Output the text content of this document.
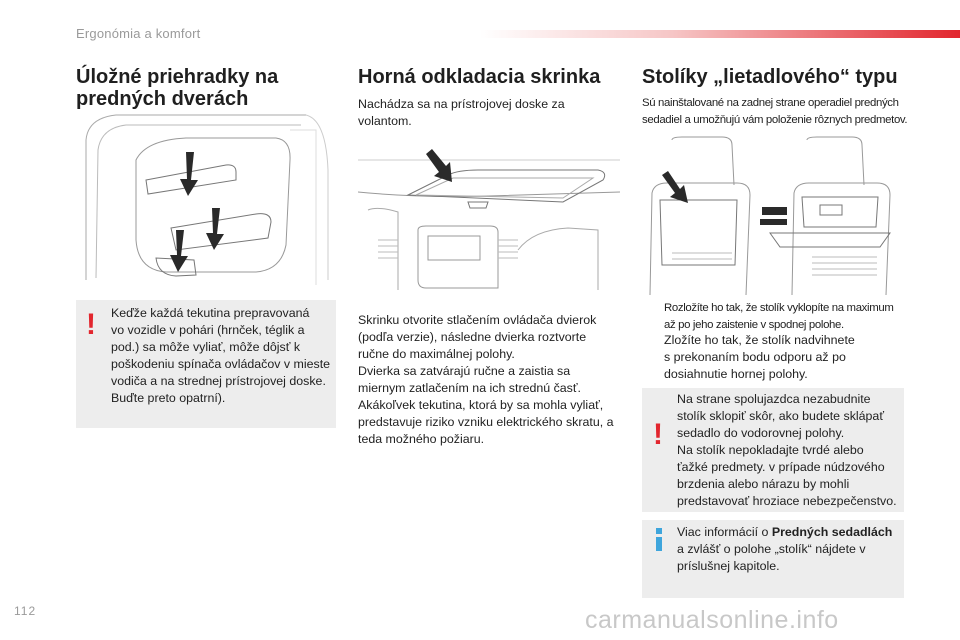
Ergonómia a komfort
Úložné priehradky na
predných dverách
! Keďže každá tekutina prepravovaná
vo vozidle v pohári (hrnček, téglik a
pod.) sa môže vyliať, môže dôjsť k
poškodeniu spínača ovládačov v mieste
vodiča a na strednej prístrojovej doske.
Buďte preto opatrní).
Horná odkladacia skrinka
Nachádza sa na prístrojovej doske za
volantom.
Skrinku otvorite stlačením ovládača dvierok
(podľa verzie), následne dvierka roztvorte
ručne do maximálnej polohy.
Dvierka sa zatvárajú ručne a zaistia sa
miernym zatlačením na ich strednú časť.
Akákoľvek tekutina, ktorá by sa mohla vyliať,
predstavuje riziko vzniku elektrického skratu, a
teda možného požiaru.
Stolíky „lietadlového“ typu
Sú nainštalované na zadnej strane operadiel predných
sedadiel a umožňujú vám položenie rôznych predmetov.
Rozložíte ho tak, že stolík vyklopíte na maximum
až po jeho zaistenie v spodnej polohe.
Zložíte ho tak, že stolík nadvihnete
s prekonaním bodu odporu až po
dosiahnutie hornej polohy.
!
Na strane spolujazdca nezabudnite
stolík sklopiť skôr, ako budete sklápať
sedadlo do vodorovnej polohy.
Na stolík nepokladajte tvrdé alebo
ťažké predmety. v prípade núdzového
brzdenia alebo nárazu by mohli
predstavovať hroziace nebezpečenstvo.
Viac informácií o Predných sedadlách
a zvlášť o polohe „stolík“ nájdete v
príslušnej kapitole.
112	carmanualsonline.info
